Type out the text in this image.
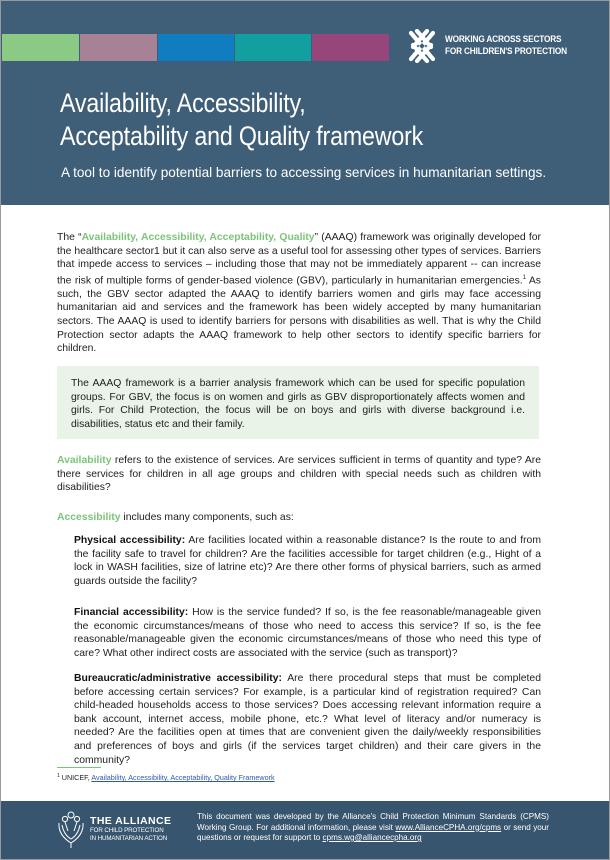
WORKING ACROSS SECTORS
FOR CHILDREN'S PROTECTION
Availability, Accessibility,
Acceptability and Quality framework
A tool to identify potential barriers to accessing services in humanitarian settings.

The “Availability, Accessibility, Acceptability, Quality” (AAAQ) framework was originally developed for the healthcare sector1 but it can also serve as a useful tool for assessing other types of services. Barriers that impede access to services – including those that may not be immediately apparent -- can increase the risk of multiple forms of gender-based violence (GBV), particularly in humanitarian emergencies.$^1$ As such, the GBV sector adapted the AAAQ to identify barriers women and girls may face accessing humanitarian aid and services and the framework has been widely accepted by many humanitarian sectors. The AAAQ is used to identify barriers for persons with disabilities as well. That is why the Child Protection sector adapts the AAAQ framework to help other sectors to identify specific barriers for children.

The AAAQ framework is a barrier analysis framework which can be used for specific population groups. For GBV, the focus is on women and girls as GBV disproportionately affects women and girls. For Child Protection, the focus will be on boys and girls with diverse background i.e. disabilities, status etc and their family.

Availability refers to the existence of services. Are services sufficient in terms of quantity and type? Are there services for children in all age groups and children with special needs such as children with disabilities?

Accessibility includes many components, such as:

Physical accessibility: Are facilities located within a reasonable distance? Is the route to and from the facility safe to travel for children? Are the facilities accessible for target children (e.g., Hight of a lock in WASH facilities, size of latrine etc)? Are there other forms of physical barriers, such as armed guards outside the facility?

Financial accessibility: How is the service funded? If so, is the fee reasonable/manageable given the economic circumstances/means of those who need to access this service? If so, is the fee reasonable/manageable given the economic circumstances/means of those who need this type of care? What other indirect costs are associated with the service (such as transport)?

Bureaucratic/administrative accessibility: Are there procedural steps that must be completed before accessing certain services? For example, is a particular kind of registration required? Can child-headed households access to those services? Does accessing relevant information require a bank account, internet access, mobile phone, etc.? What level of literacy and/or numeracy is needed? Are the facilities open at times that are convenient given the daily/weekly responsibilities and preferences of boys and girls (if the services target children) and their care givers in the community?

$^1$ UNICEF, Availability, Accessibility, Acceptability, Quality Framework
THE ALLIANCE
FOR CHILD PROTECTION
IN HUMANITARIAN ACTION

This document was developed by the Alliance's Child Protection Minimum Standards (CPMS) Working Group. For additional information, please visit www.AllianceCPHA.org/cpms or send your questions or request for support to cpms.wg@alliancecpha.org
